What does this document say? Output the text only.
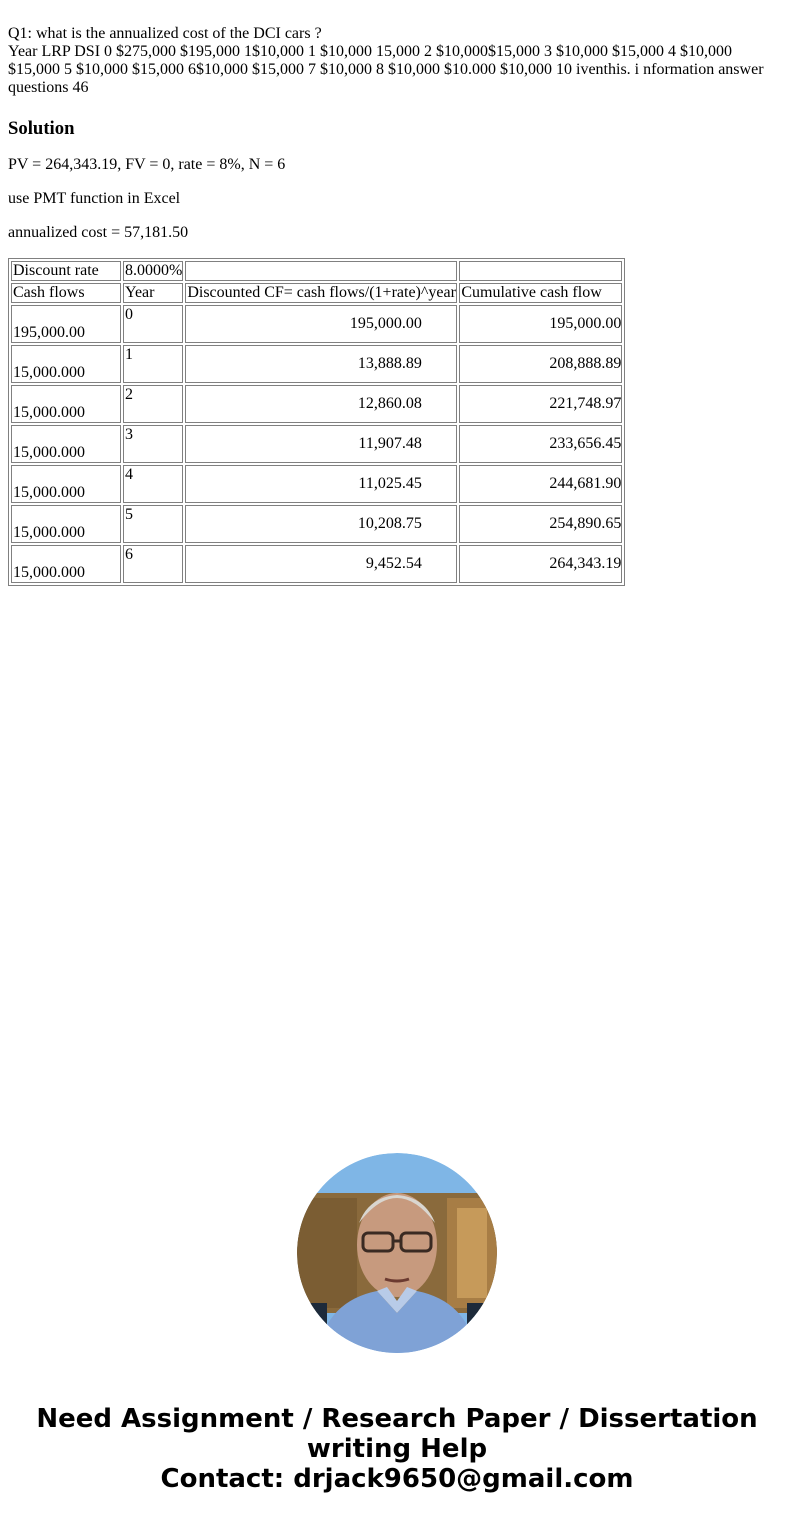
Q1: what is the annualized cost of the DCI cars ?
Year LRP DSI 0 $275,000 $195,000 1$10,000 1 $10,000 15,000 2 $10,000$15,000 3 $10,000 $15,000 4 $10,000 $15,000 5 $10,000 $15,000 6$10,000 $15,000 7 $10,000 8 $10,000 $10.000 $10,000 10 iventhis. i nformation answer questions 46
Solution

PV = 264,343.19, FV = 0, rate = 8%, N = 6

use PMT function in Excel

annualized cost = 57,181.50

Discount rate	8.0000%		
Cash flows	Year	Discounted CF= cash flows/(1+rate)^year	Cumulative cash flow
195,000.00	0	195,000.00	195,000.00
15,000.000	1	13,888.89	208,888.89
15,000.000	2	12,860.08	221,748.97
15,000.000	3	11,907.48	233,656.45
15,000.000	4	11,025.45	244,681.90
15,000.000	5	10,208.75	254,890.65
15,000.000	6	9,452.54	264,343.19
Need Assignment / Research Paper / Dissertation
writing Help
Contact: drjack9650@gmail.com
